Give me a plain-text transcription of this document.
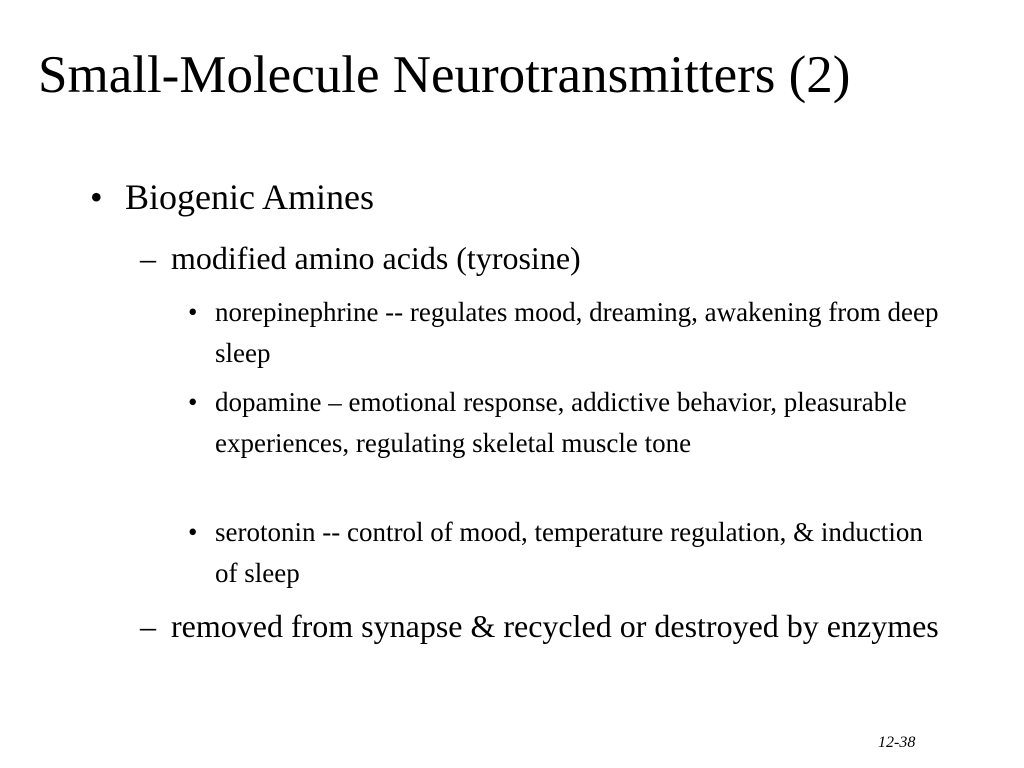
Small-Molecule Neurotransmitters (2)
• Biogenic Amines
– modified amino acids (tyrosine)
• norepinephrine -- regulates mood, dreaming, awakening from deep sleep
• dopamine – emotional response, addictive behavior, pleasurable experiences, regulating skeletal muscle tone
• serotonin -- control of mood, temperature regulation, & induction of sleep
– removed from synapse & recycled or destroyed by enzymes
12-38
